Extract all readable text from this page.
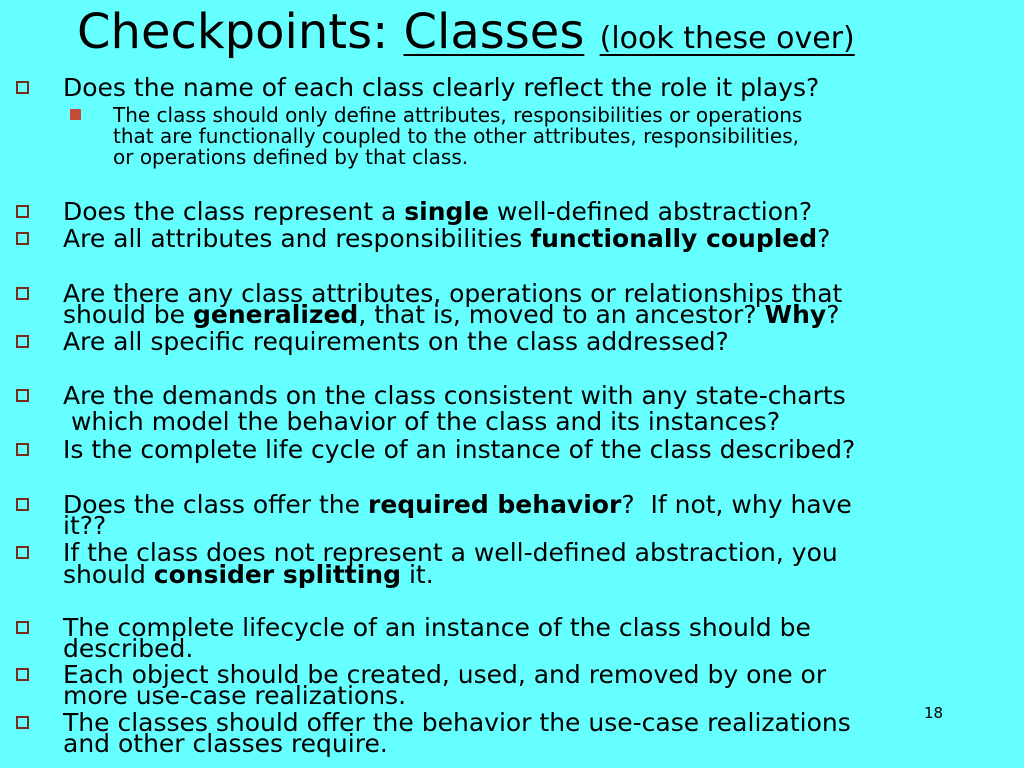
Checkpoints: Classes (look these over)
Does the name of each class clearly reflect the role it plays?
The class should only define attributes, responsibilities or operations
that are functionally coupled to the other attributes, responsibilities,
or operations defined by that class.
Does the class represent a single well-defined abstraction?
Are all attributes and responsibilities functionally coupled?
Are there any class attributes, operations or relationships that
should be generalized, that is, moved to an ancestor? Why?
Are all specific requirements on the class addressed?
Are the demands on the class consistent with any state-charts
which model the behavior of the class and its instances?
Is the complete life cycle of an instance of the class described?
Does the class offer the required behavior?  If not, why have
it??
If the class does not represent a well-defined abstraction, you
should consider splitting it.
The complete lifecycle of an instance of the class should be
described.
Each object should be created, used, and removed by one or
more use-case realizations.
The classes should offer the behavior the use-case realizations
and other classes require.
18
